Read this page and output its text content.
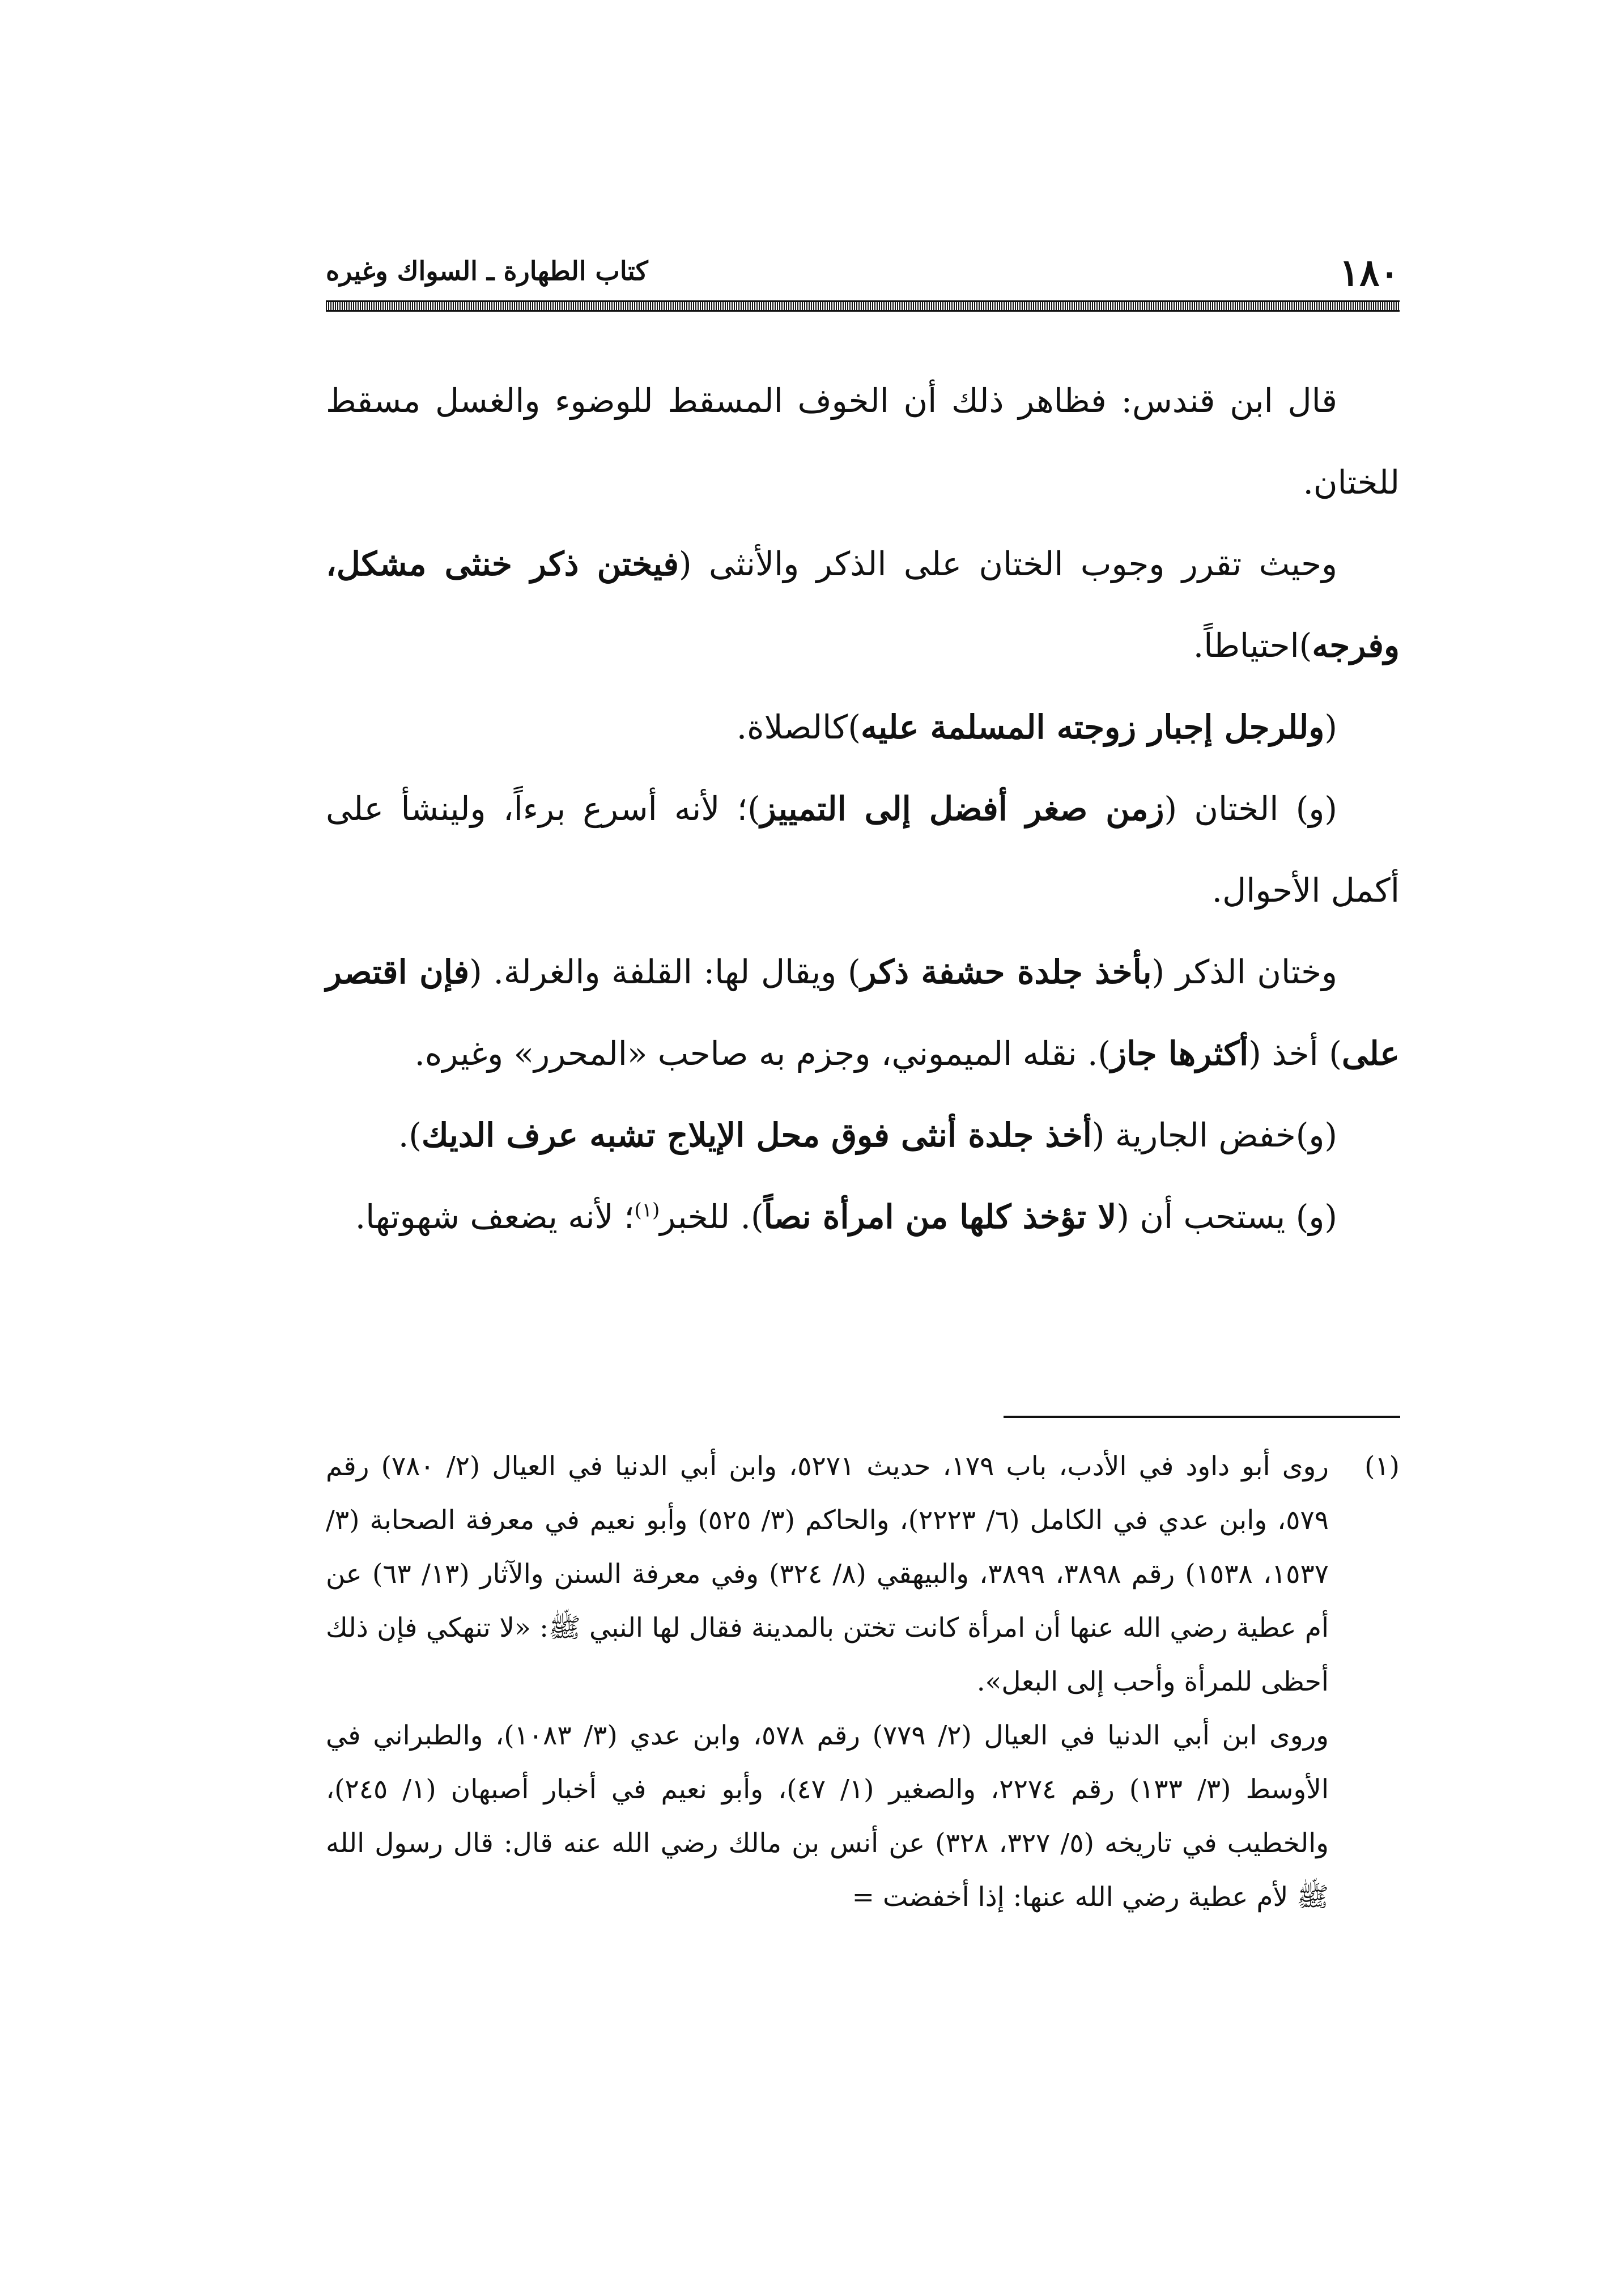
١٨٠
كتاب الطهارة ـ السواك وغيره

قال ابن قندس: فظاهر ذلك أن الخوف المسقط للوضوء والغسل مسقط للختان.

وحيث تقرر وجوب الختان على الذكر والأنثى (فيختن ذكر خنثى مشكل، وفرجه)احتياطاً.

(وللرجل إجبار زوجته المسلمة عليه)كالصلاة.

(و) الختان (زمن صغر أفضل إلى التمييز)؛ لأنه أسرع برءاً، ولينشأ على أكمل الأحوال.

وختان الذكر (بأخذ جلدة حشفة ذكر) ويقال لها: القلفة والغرلة. (فإن اقتصر على) أخذ (أكثرها جاز). نقله الميموني، وجزم به صاحب «المحرر» وغيره.

(و)خفض الجارية (أخذ جلدة أنثى فوق محل الإيلاج تشبه عرف الديك).

(و) يستحب أن (لا تؤخذ كلها من امرأة نصاً). للخبر$^{(١)}$؛ لأنه يضعف شهوتها.

(١)
روى أبو داود في الأدب، باب ١٧٩، حديث ٥٢٧١، وابن أبي الدنيا في العيال (٢/ ٧٨٠) رقم ٥٧٩، وابن عدي في الكامل (٦/ ٢٢٢٣)، والحاكم (٣/ ٥٢٥) وأبو نعيم في معرفة الصحابة (٣/ ١٥٣٧، ١٥٣٨) رقم ٣٨٩٨، ٣٨٩٩، والبيهقي (٨/ ٣٢٤) وفي معرفة السنن والآثار (١٣/ ٦٣) عن أم عطية رضي الله عنها أن امرأة كانت تختن بالمدينة فقال لها النبي ﷺ: «لا تنهكي فإن ذلك أحظى للمرأة وأحب إلى البعل».

وروى ابن أبي الدنيا في العيال (٢/ ٧٧٩) رقم ٥٧٨، وابن عدي (٣/ ١٠٨٣)، والطبراني في الأوسط (٣/ ١٣٣) رقم ٢٢٧٤، والصغير (١/ ٤٧)، وأبو نعيم في أخبار أصبهان (١/ ٢٤٥)، والخطيب في تاريخه (٥/ ٣٢٧، ٣٢٨) عن أنس بن مالك رضي الله عنه قال: قال رسول الله ﷺ لأم عطية رضي الله عنها: إذا أخفضت =
